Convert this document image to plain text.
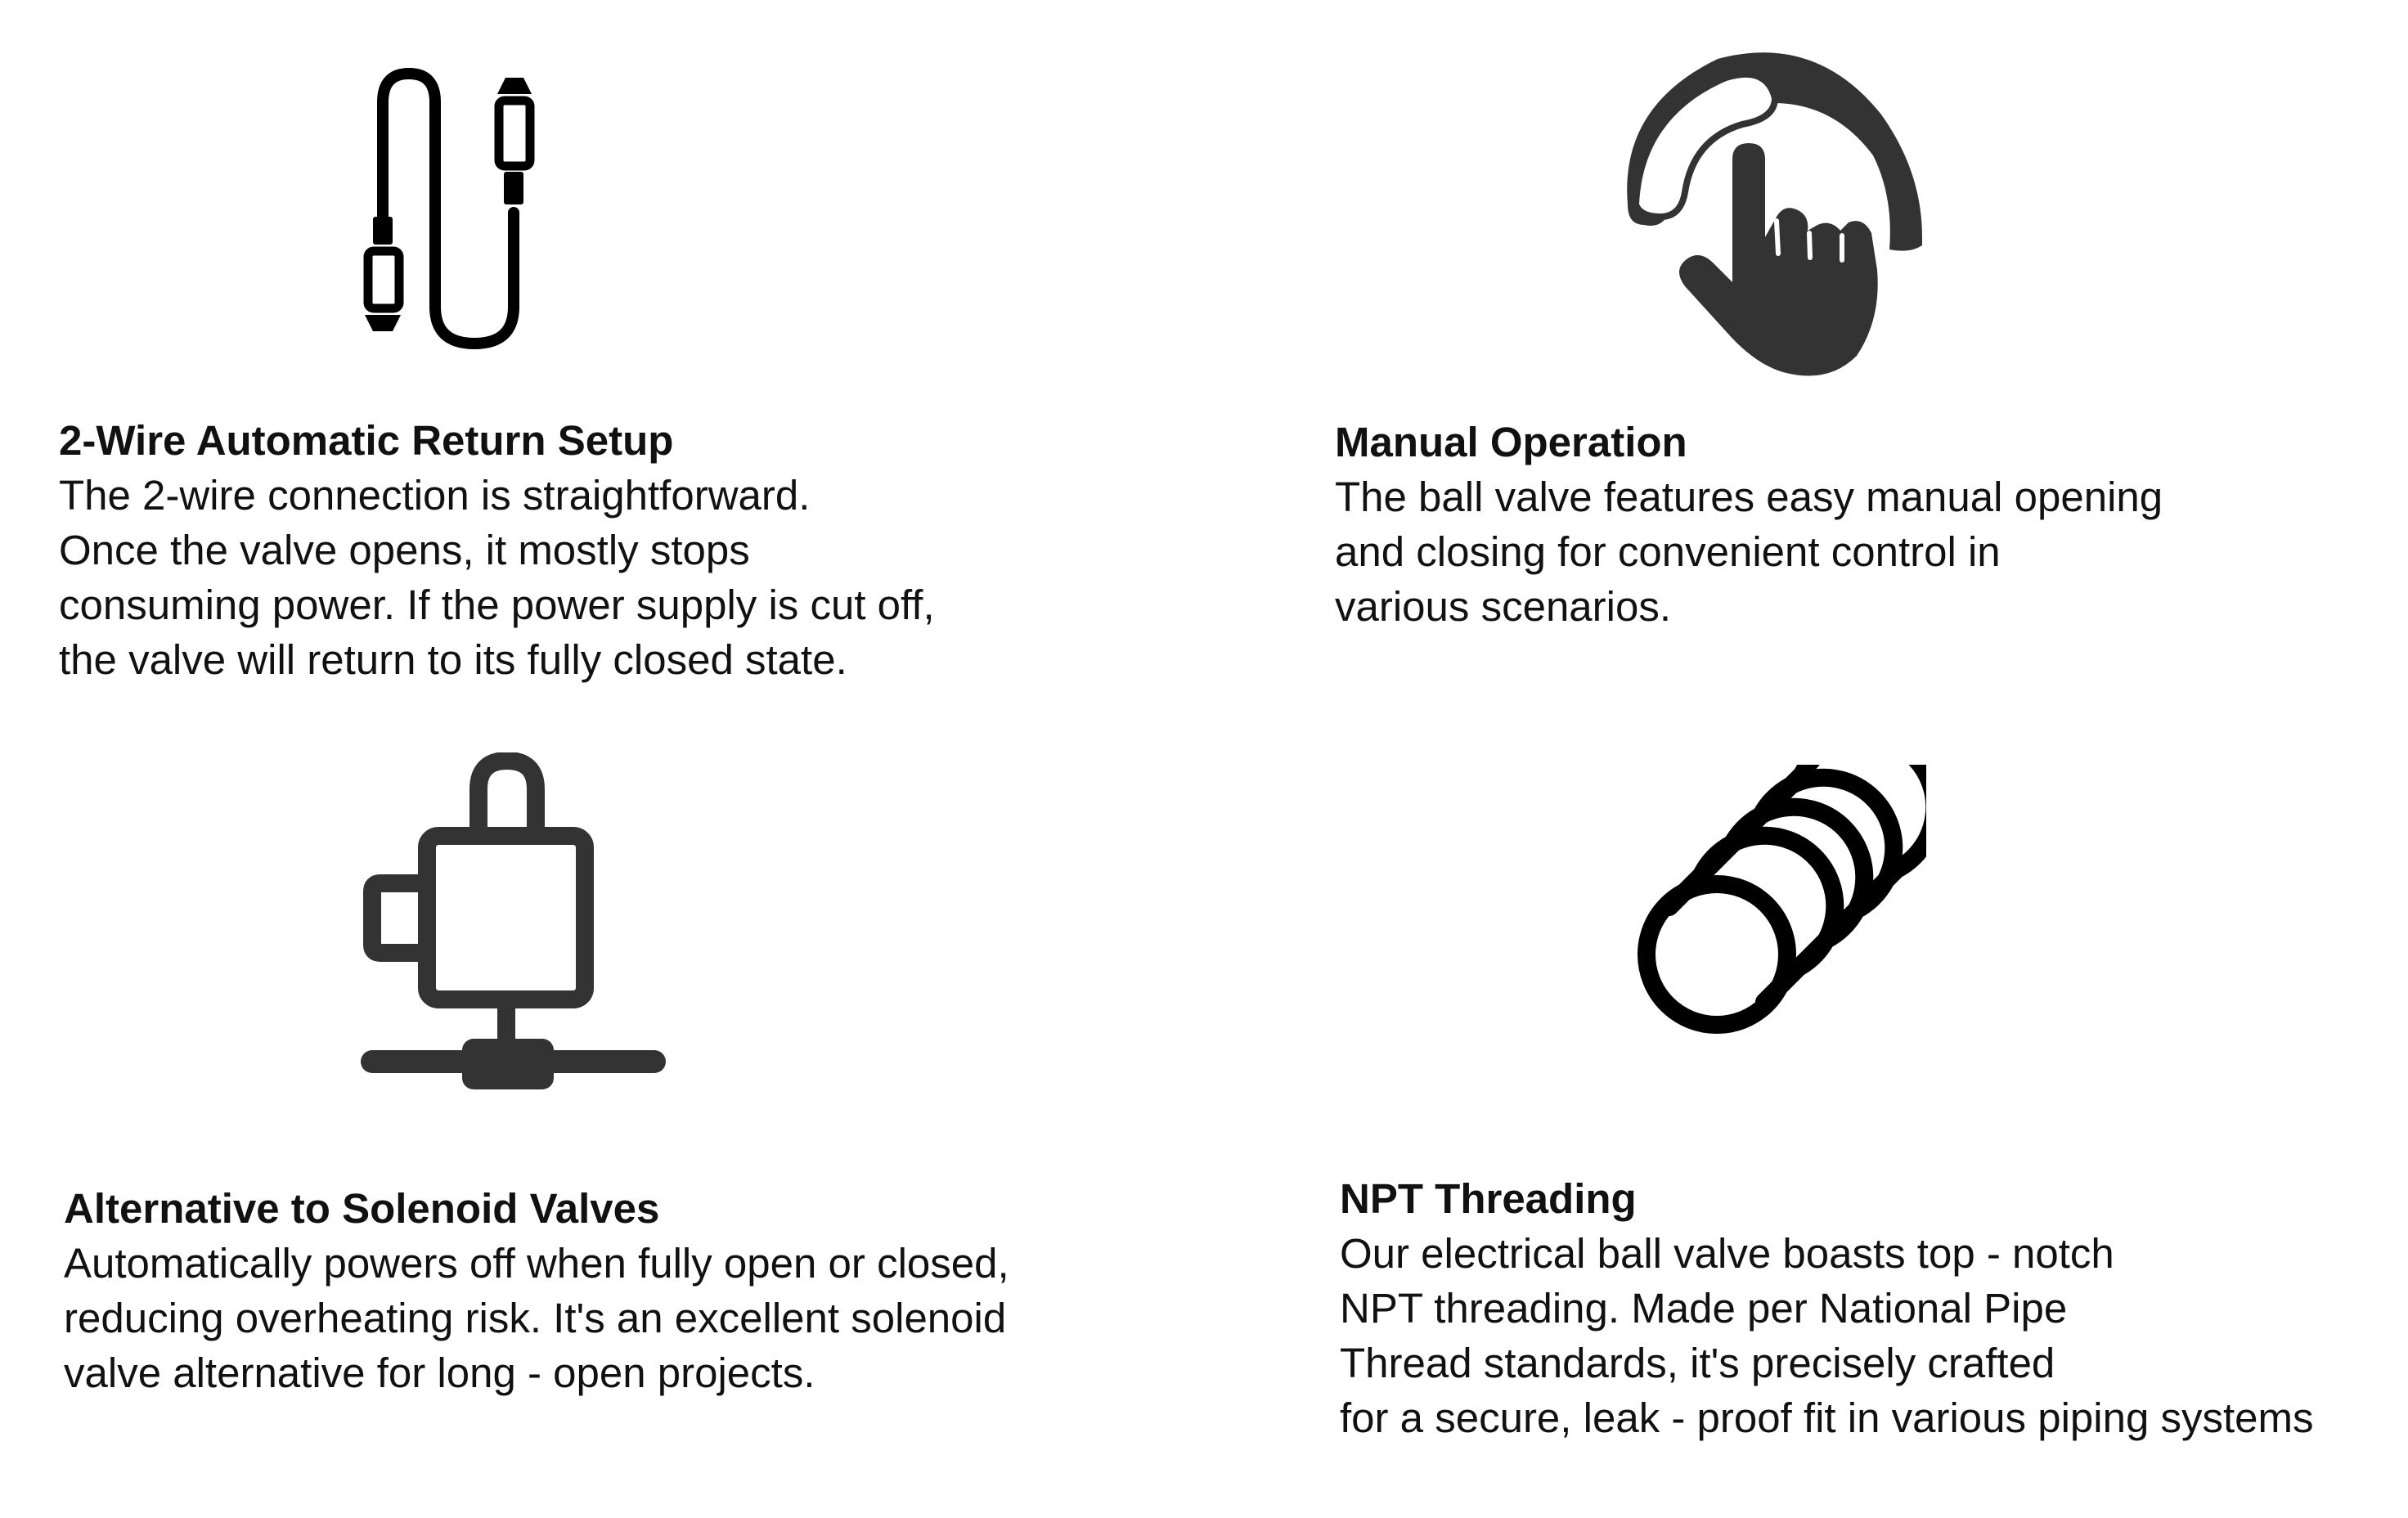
2-Wire Automatic Return Setup
The 2-wire connection is straightforward.
Once the valve opens, it mostly stops
consuming power. If the power supply is cut off,
the valve will return to its fully closed state.
Manual Operation
The ball valve features easy manual opening
and closing for convenient control in
various scenarios.
Alternative to Solenoid Valves
Automatically powers off when fully open or closed,
reducing overheating risk. It's an excellent solenoid
valve alternative for long - open projects.
NPT Threading
Our electrical ball valve boasts top - notch
NPT threading. Made per National Pipe
Thread standards, it's precisely crafted
for a secure, leak - proof fit in various piping systems
